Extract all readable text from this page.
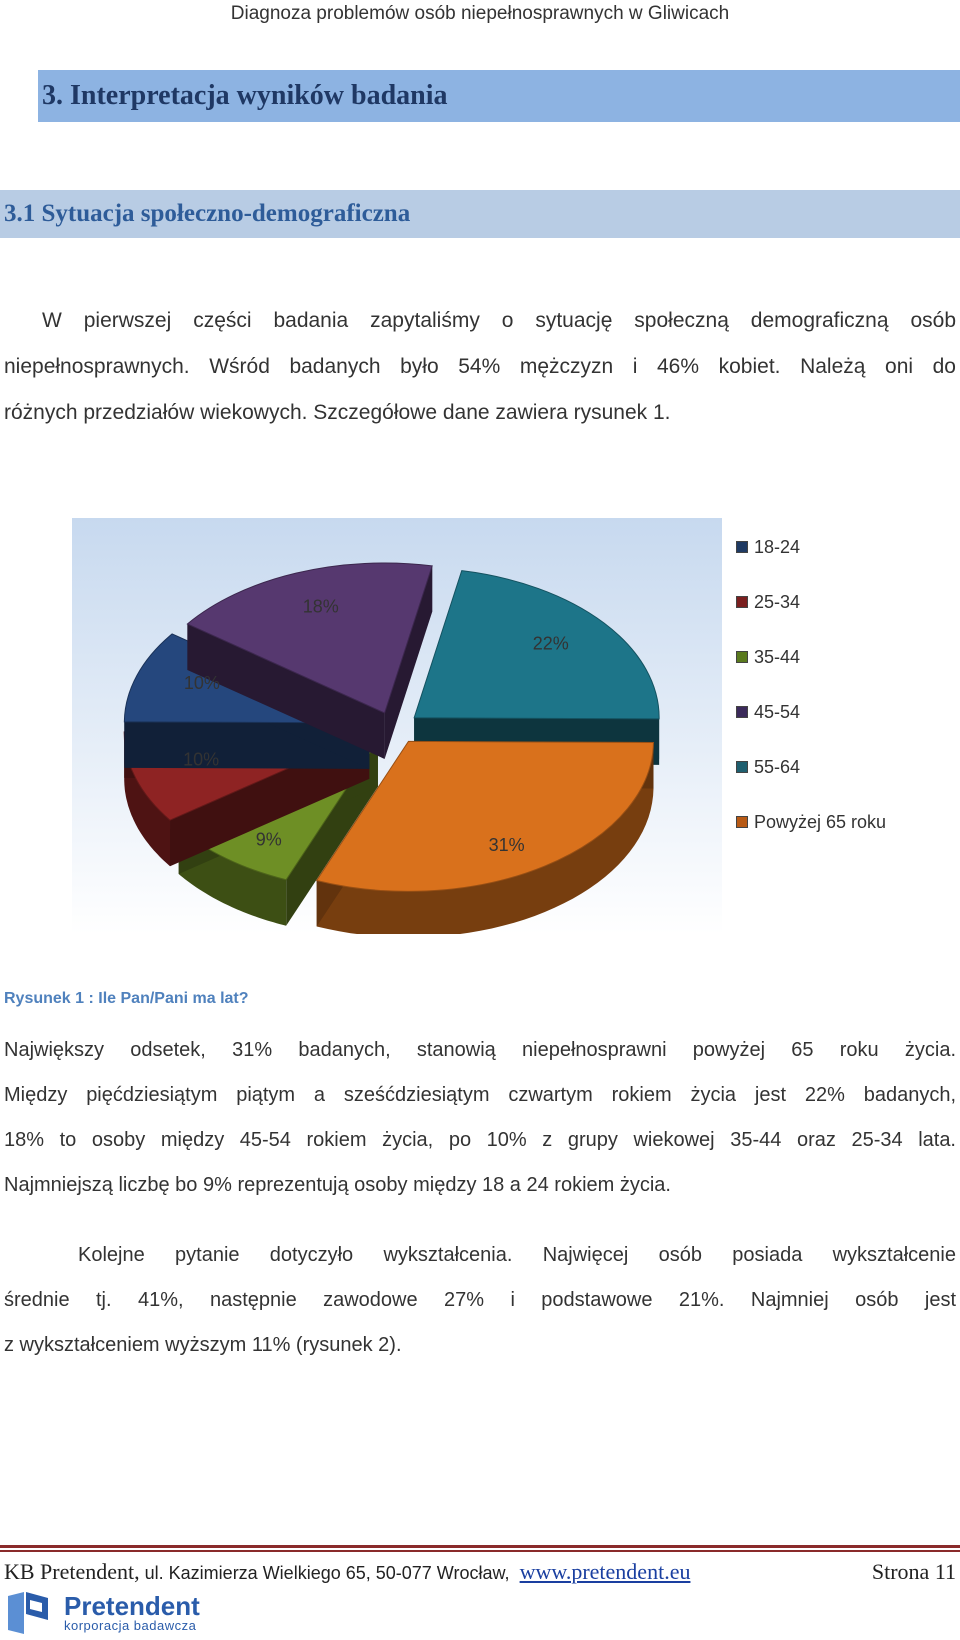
Diagnoza problemów osób niepełnosprawnych w Gliwicach
3. Interpretacja wyników badania
3.1 Sytuacja społeczno-demograficzna
W pierwszej części badania zapytaliśmy o sytuację społeczną demograficzną osób
niepełnosprawnych. Wśród badanych było 54% mężczyzn i 46% kobiet. Należą oni do
różnych przedziałów wiekowych. Szczegółowe dane zawiera rysunek 1.
9%
10%
10%
18%
22%
31%
18-24
25-34
35-44
45-54
55-64
Powyżej 65 roku
Rysunek 1 : Ile Pan/Pani ma lat?
Największy odsetek, 31% badanych, stanowią niepełnosprawni powyżej 65 roku życia.
Między pięćdziesiątym piątym a sześćdziesiątym czwartym rokiem życia jest 22% badanych,
18% to osoby między 45-54 rokiem życia, po 10% z grupy wiekowej 35-44 oraz 25-34 lata.
Najmniejszą liczbę bo 9% reprezentują osoby między 18 a 24 rokiem życia.
Kolejne pytanie dotyczyło wykształcenia. Najwięcej osób posiada wykształcenie
średnie tj. 41%, następnie zawodowe 27% i podstawowe 21%. Najmniej osób jest
z wykształceniem wyższym 11% (rysunek 2).
KB Pretendent, ul. Kazimierza Wielkiego 65, 50-077 Wrocław, www.pretendent.eu	Strona 11
Pretendent
korporacja badawcza
